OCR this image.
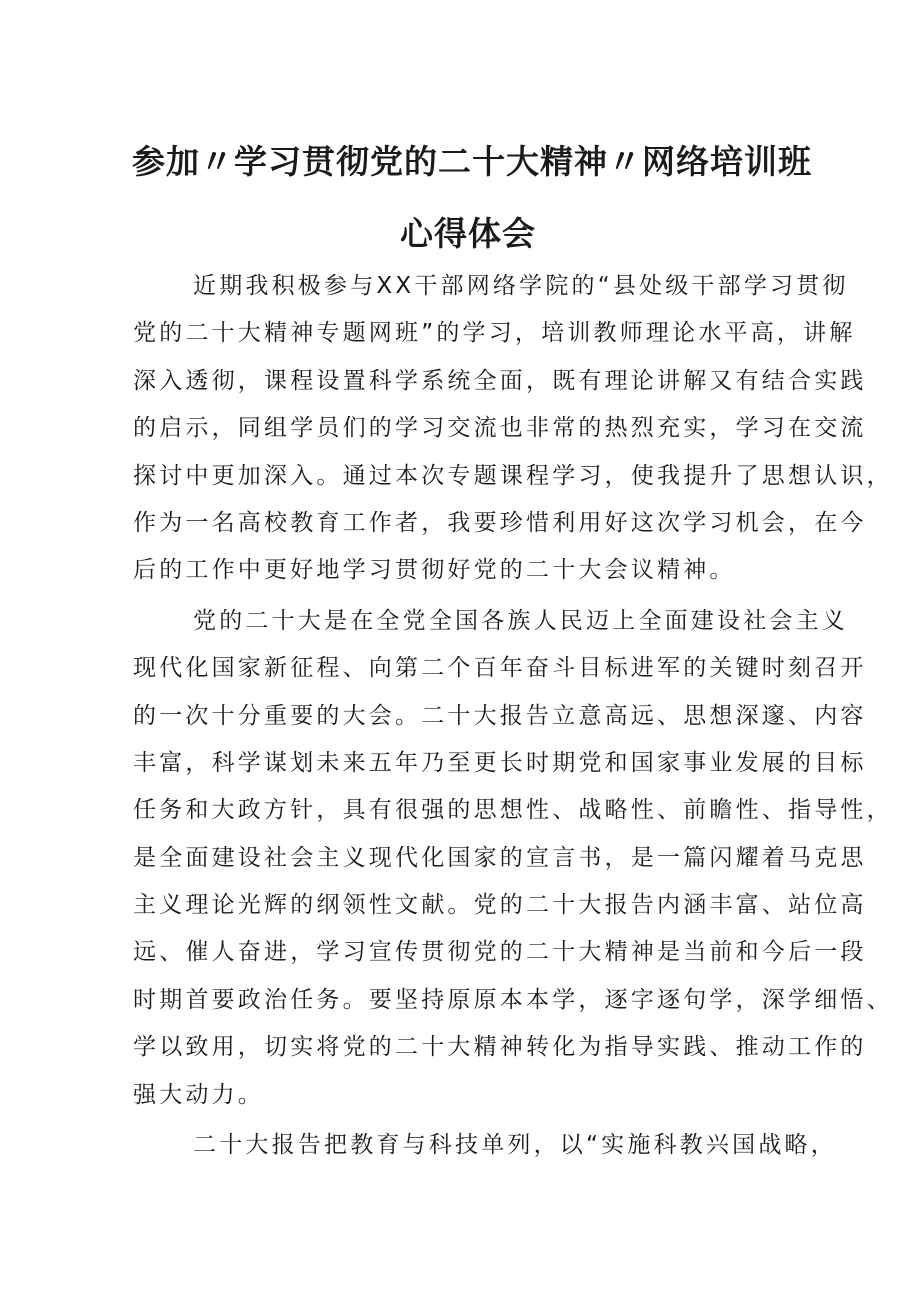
参加〃学习贯彻党的二十大精神〃网络培训班
心得体会
近期我积极参与XX干部网络学院的“县处级干部学习贯彻
党的二十大精神专题网班”的学习，培训教师理论水平高，讲解
深入透彻，课程设置科学系统全面，既有理论讲解又有结合实践
的启示，同组学员们的学习交流也非常的热烈充实，学习在交流
探讨中更加深入。通过本次专题课程学习，使我提升了思想认识，
作为一名高校教育工作者，我要珍惜利用好这次学习机会，在今
后的工作中更好地学习贯彻好党的二十大会议精神。
党的二十大是在全党全国各族人民迈上全面建设社会主义
现代化国家新征程、向第二个百年奋斗目标进军的关键时刻召开
的一次十分重要的大会。二十大报告立意高远、思想深邃、内容
丰富，科学谋划未来五年乃至更长时期党和国家事业发展的目标
任务和大政方针，具有很强的思想性、战略性、前瞻性、指导性，
是全面建设社会主义现代化国家的宣言书，是一篇闪耀着马克思
主义理论光辉的纲领性文献。党的二十大报告内涵丰富、站位高
远、催人奋进，学习宣传贯彻党的二十大精神是当前和今后一段
时期首要政治任务。要坚持原原本本学，逐字逐句学，深学细悟、
学以致用，切实将党的二十大精神转化为指导实践、推动工作的
强大动力。
二十大报告把教育与科技单列，以“实施科教兴国战略，
